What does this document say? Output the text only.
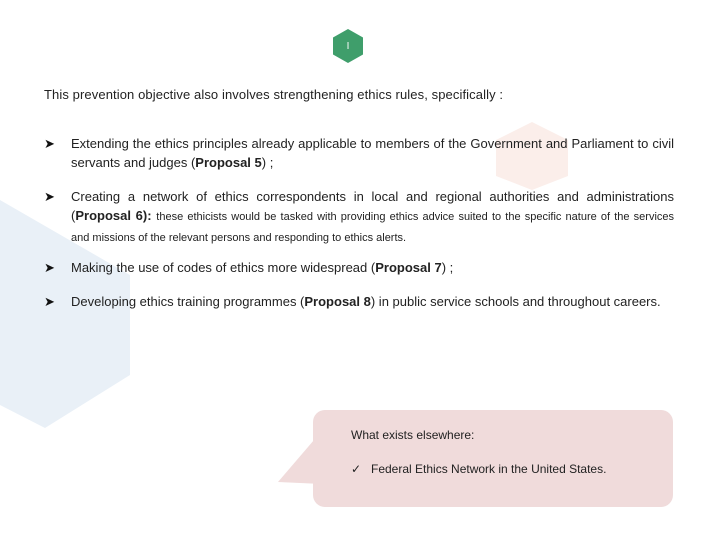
I
This prevention objective also involves strengthening ethics rules, specifically :
➤	Extending the ethics principles already applicable to members of the Government and Parliament to civil servants and judges (Proposal 5) ;
➤	Creating a network of ethics correspondents in local and regional authorities and administrations (Proposal 6): these ethicists would be tasked with providing ethics advice suited to the specific nature of the services and missions of the relevant persons and responding to ethics alerts.
➤	Making the use of codes of ethics more widespread (Proposal 7) ;
➤	Developing ethics training programmes (Proposal 8) in public service schools and throughout careers.
What exists elsewhere:
✓ Federal Ethics Network in the United States.
